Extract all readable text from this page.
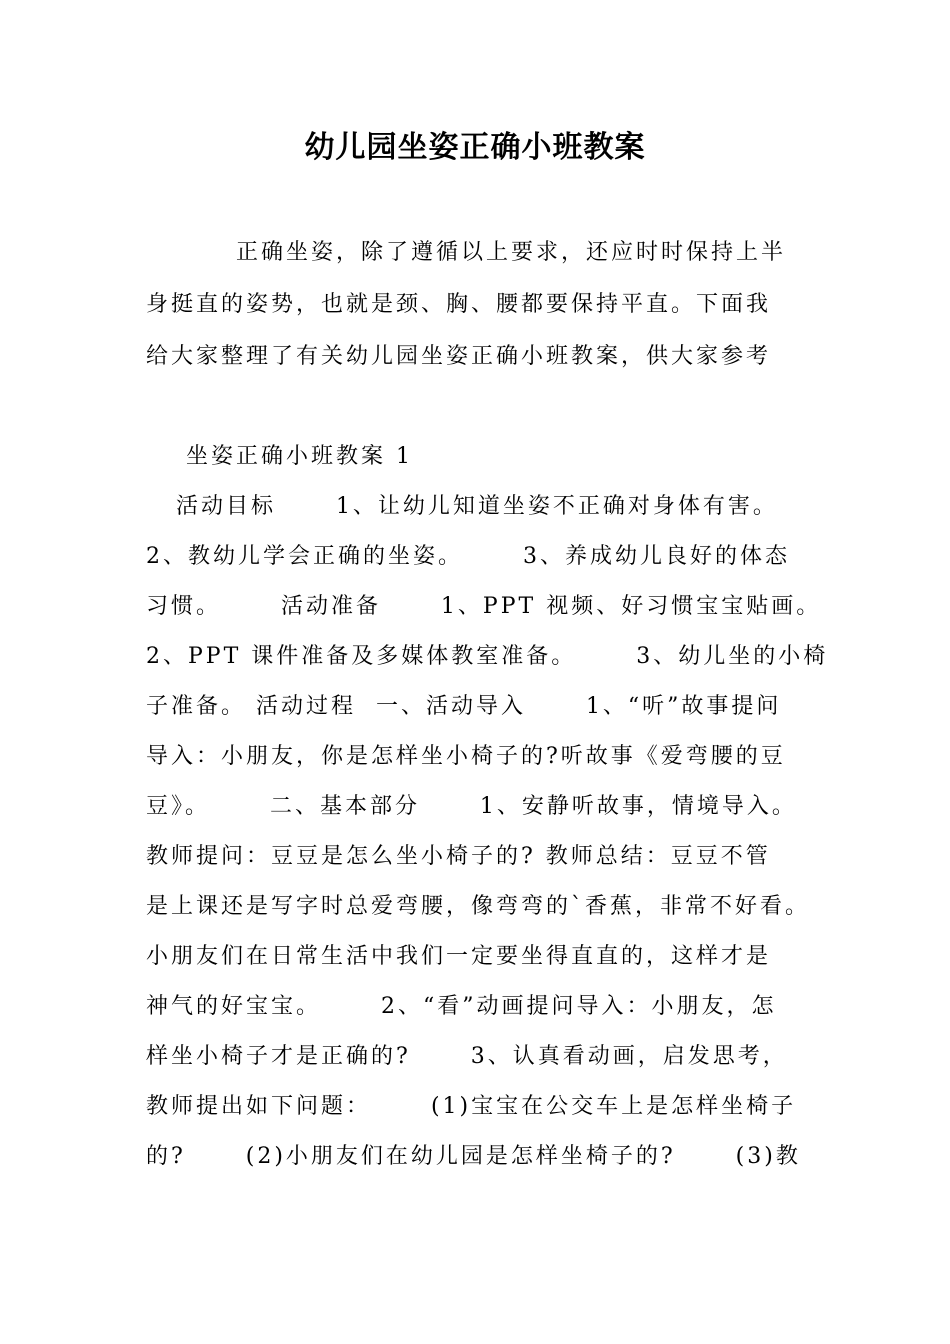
幼儿园坐姿正确小班教案
正确坐姿，除了遵循以上要求，还应时时保持上半
身挺直的姿势，也就是颈、胸、腰都要保持平直。下面我
给大家整理了有关幼儿园坐姿正确小班教案，供大家参考
坐姿正确小班教案 1
活动目标      1、让幼儿知道坐姿不正确对身体有害。
2、教幼儿学会正确的坐姿。      3、养成幼儿良好的体态
习惯。      活动准备      1、PPT 视频、好习惯宝宝贴画。
2、PPT 课件准备及多媒体教室准备。      3、幼儿坐的小椅
子准备。 活动过程  一、活动导入      1、“听”故事提问
导入：小朋友，你是怎样坐小椅子的?听故事《爱弯腰的豆
豆》。      二、基本部分      1、安静听故事，情境导入。
教师提问：豆豆是怎么坐小椅子的? 教师总结：豆豆不管
是上课还是写字时总爱弯腰，像弯弯的`香蕉，非常不好看。
小朋友们在日常生活中我们一定要坐得直直的，这样才是
神气的好宝宝。      2、“看”动画提问导入：小朋友，怎
样坐小椅子才是正确的?      3、认真看动画，启发思考，
教师提出如下问题：      (1)宝宝在公交车上是怎样坐椅子
的?      (2)小朋友们在幼儿园是怎样坐椅子的?      (3)教
